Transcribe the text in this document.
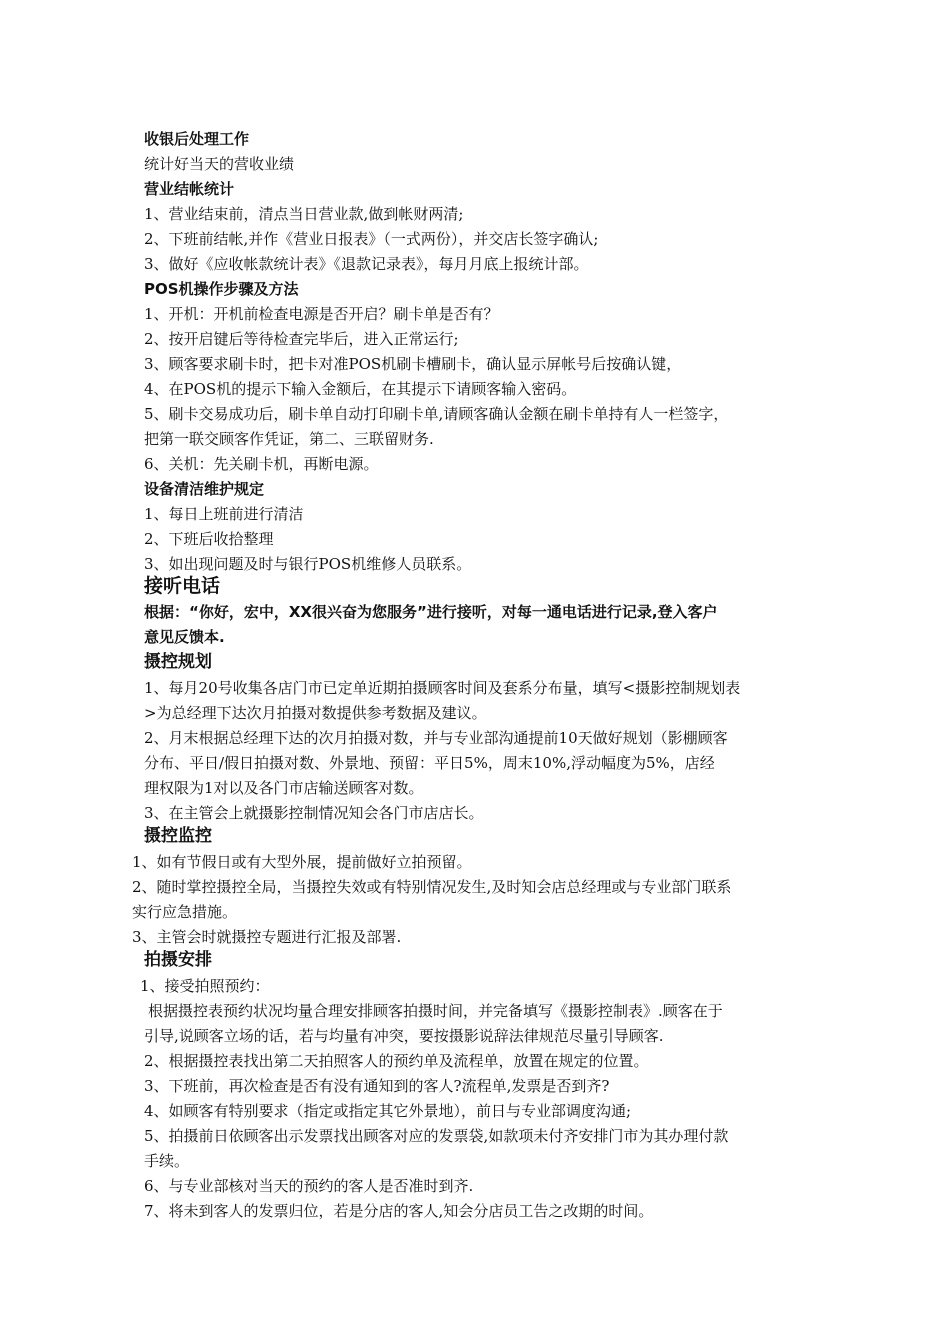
收银后处理工作
统计好当天的营收业绩
营业结帐统计
1、营业结束前，清点当日营业款,做到帐财两清;
2、下班前结帐,并作《营业日报表》（一式两份），并交店长签字确认;
3、做好《应收帐款统计表》《退款记录表》，每月月底上报统计部。
POS机操作步骤及方法
1、开机：开机前检查电源是否开启？刷卡单是否有？
2、按开启键后等待检查完毕后，进入正常运行;
3、顾客要求刷卡时，把卡对准POS机刷卡槽刷卡，确认显示屏帐号后按确认键，
4、在POS机的提示下输入金额后，在其提示下请顾客输入密码。
5、刷卡交易成功后，刷卡单自动打印刷卡单,请顾客确认金额在刷卡单持有人一栏签字，
把第一联交顾客作凭证，第二、三联留财务.
6、关机：先关刷卡机，再断电源。
设备清洁维护规定
1、每日上班前进行清洁
2、下班后收拾整理
3、如出现问题及时与银行POS机维修人员联系。
接听电话
根据：“你好，宏中，XX很兴奋为您服务”进行接听，对每一通电话进行记录,登入客户
意见反馈本.
摄控规划
1、每月20号收集各店门市已定单近期拍摄顾客时间及套系分布量，填写<摄影控制规划表
>为总经理下达次月拍摄对数提供参考数据及建议。
2、月末根据总经理下达的次月拍摄对数，并与专业部沟通提前10天做好规划（影棚顾客
分布、平日/假日拍摄对数、外景地、预留：平日5%，周末10%,浮动幅度为5%，店经
理权限为1对以及各门市店输送顾客对数。
3、在主管会上就摄影控制情况知会各门市店店长。
摄控监控
1、如有节假日或有大型外展，提前做好立拍预留。
2、随时掌控摄控全局，当摄控失效或有特别情况发生,及时知会店总经理或与专业部门联系
实行应急措施。
3、主管会时就摄控专题进行汇报及部署.
拍摄安排
1、接受拍照预约：
根据摄控表预约状况均量合理安排顾客拍摄时间，并完备填写《摄影控制表》.顾客在于
引导,说顾客立场的话，若与均量有冲突，要按摄影说辞法律规范尽量引导顾客.
2、根据摄控表找出第二天拍照客人的预约单及流程单，放置在规定的位置。
3、下班前，再次检查是否有没有通知到的客人?流程单,发票是否到齐?
4、如顾客有特别要求（指定或指定其它外景地），前日与专业部调度沟通;
5、拍摄前日依顾客出示发票找出顾客对应的发票袋,如款项未付齐安排门市为其办理付款
手续。
6、与专业部核对当天的预约的客人是否准时到齐.
7、将未到客人的发票归位，若是分店的客人,知会分店员工告之改期的时间。
